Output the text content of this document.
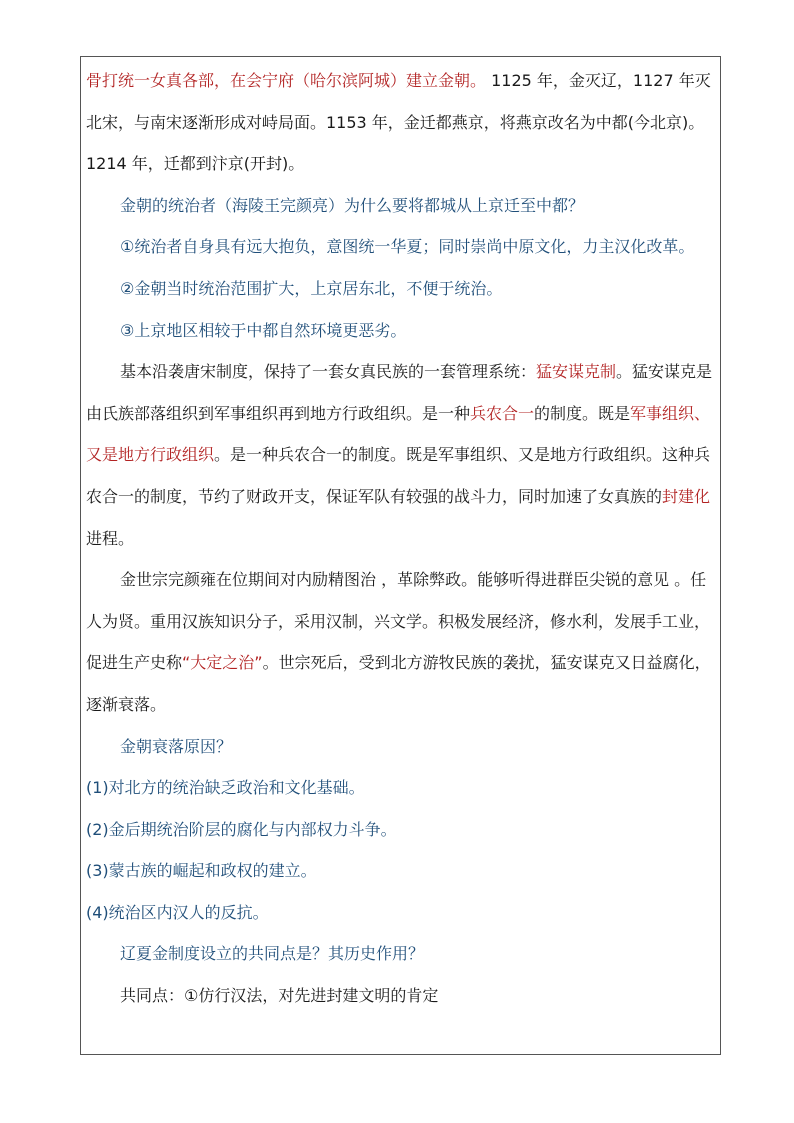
骨打统一女真各部，在会宁府（哈尔滨阿城）建立金朝。 1125 年，金灭辽，1127 年灭北宋，与南宋逐渐形成对峙局面。1153 年，金迁都燕京，将燕京改名为中都(今北京)。1214 年，迁都到汴京(开封)。

金朝的统治者（海陵王完颜亮）为什么要将都城从上京迁至中都？

①统治者自身具有远大抱负，意图统一华夏；同时崇尚中原文化，力主汉化改革。

②金朝当时统治范围扩大，上京居东北，不便于统治。

③上京地区相较于中都自然环境更恶劣。

基本沿袭唐宋制度，保持了一套女真民族的一套管理系统：猛安谋克制。猛安谋克是由氏族部落组织到军事组织再到地方行政组织。是一种兵农合一的制度。既是军事组织、又是地方行政组织。是一种兵农合一的制度。既是军事组织、又是地方行政组织。这种兵农合一的制度，节约了财政开支，保证军队有较强的战斗力，同时加速了女真族的封建化进程。

金世宗完颜雍在位期间对内励精图治 ，革除弊政。能够听得进群臣尖锐的意见 。任人为贤。重用汉族知识分子，采用汉制，兴文学。积极发展经济，修水利，发展手工业，促进生产史称“大定之治”。世宗死后，受到北方游牧民族的袭扰，猛安谋克又日益腐化，逐渐衰落。

金朝衰落原因？

(1)对北方的统治缺乏政治和文化基础。

(2)金后期统治阶层的腐化与内部权力斗争。

(3)蒙古族的崛起和政权的建立。

(4)统治区内汉人的反抗。

辽夏金制度设立的共同点是？其历史作用？

共同点：①仿行汉法，对先进封建文明的肯定
